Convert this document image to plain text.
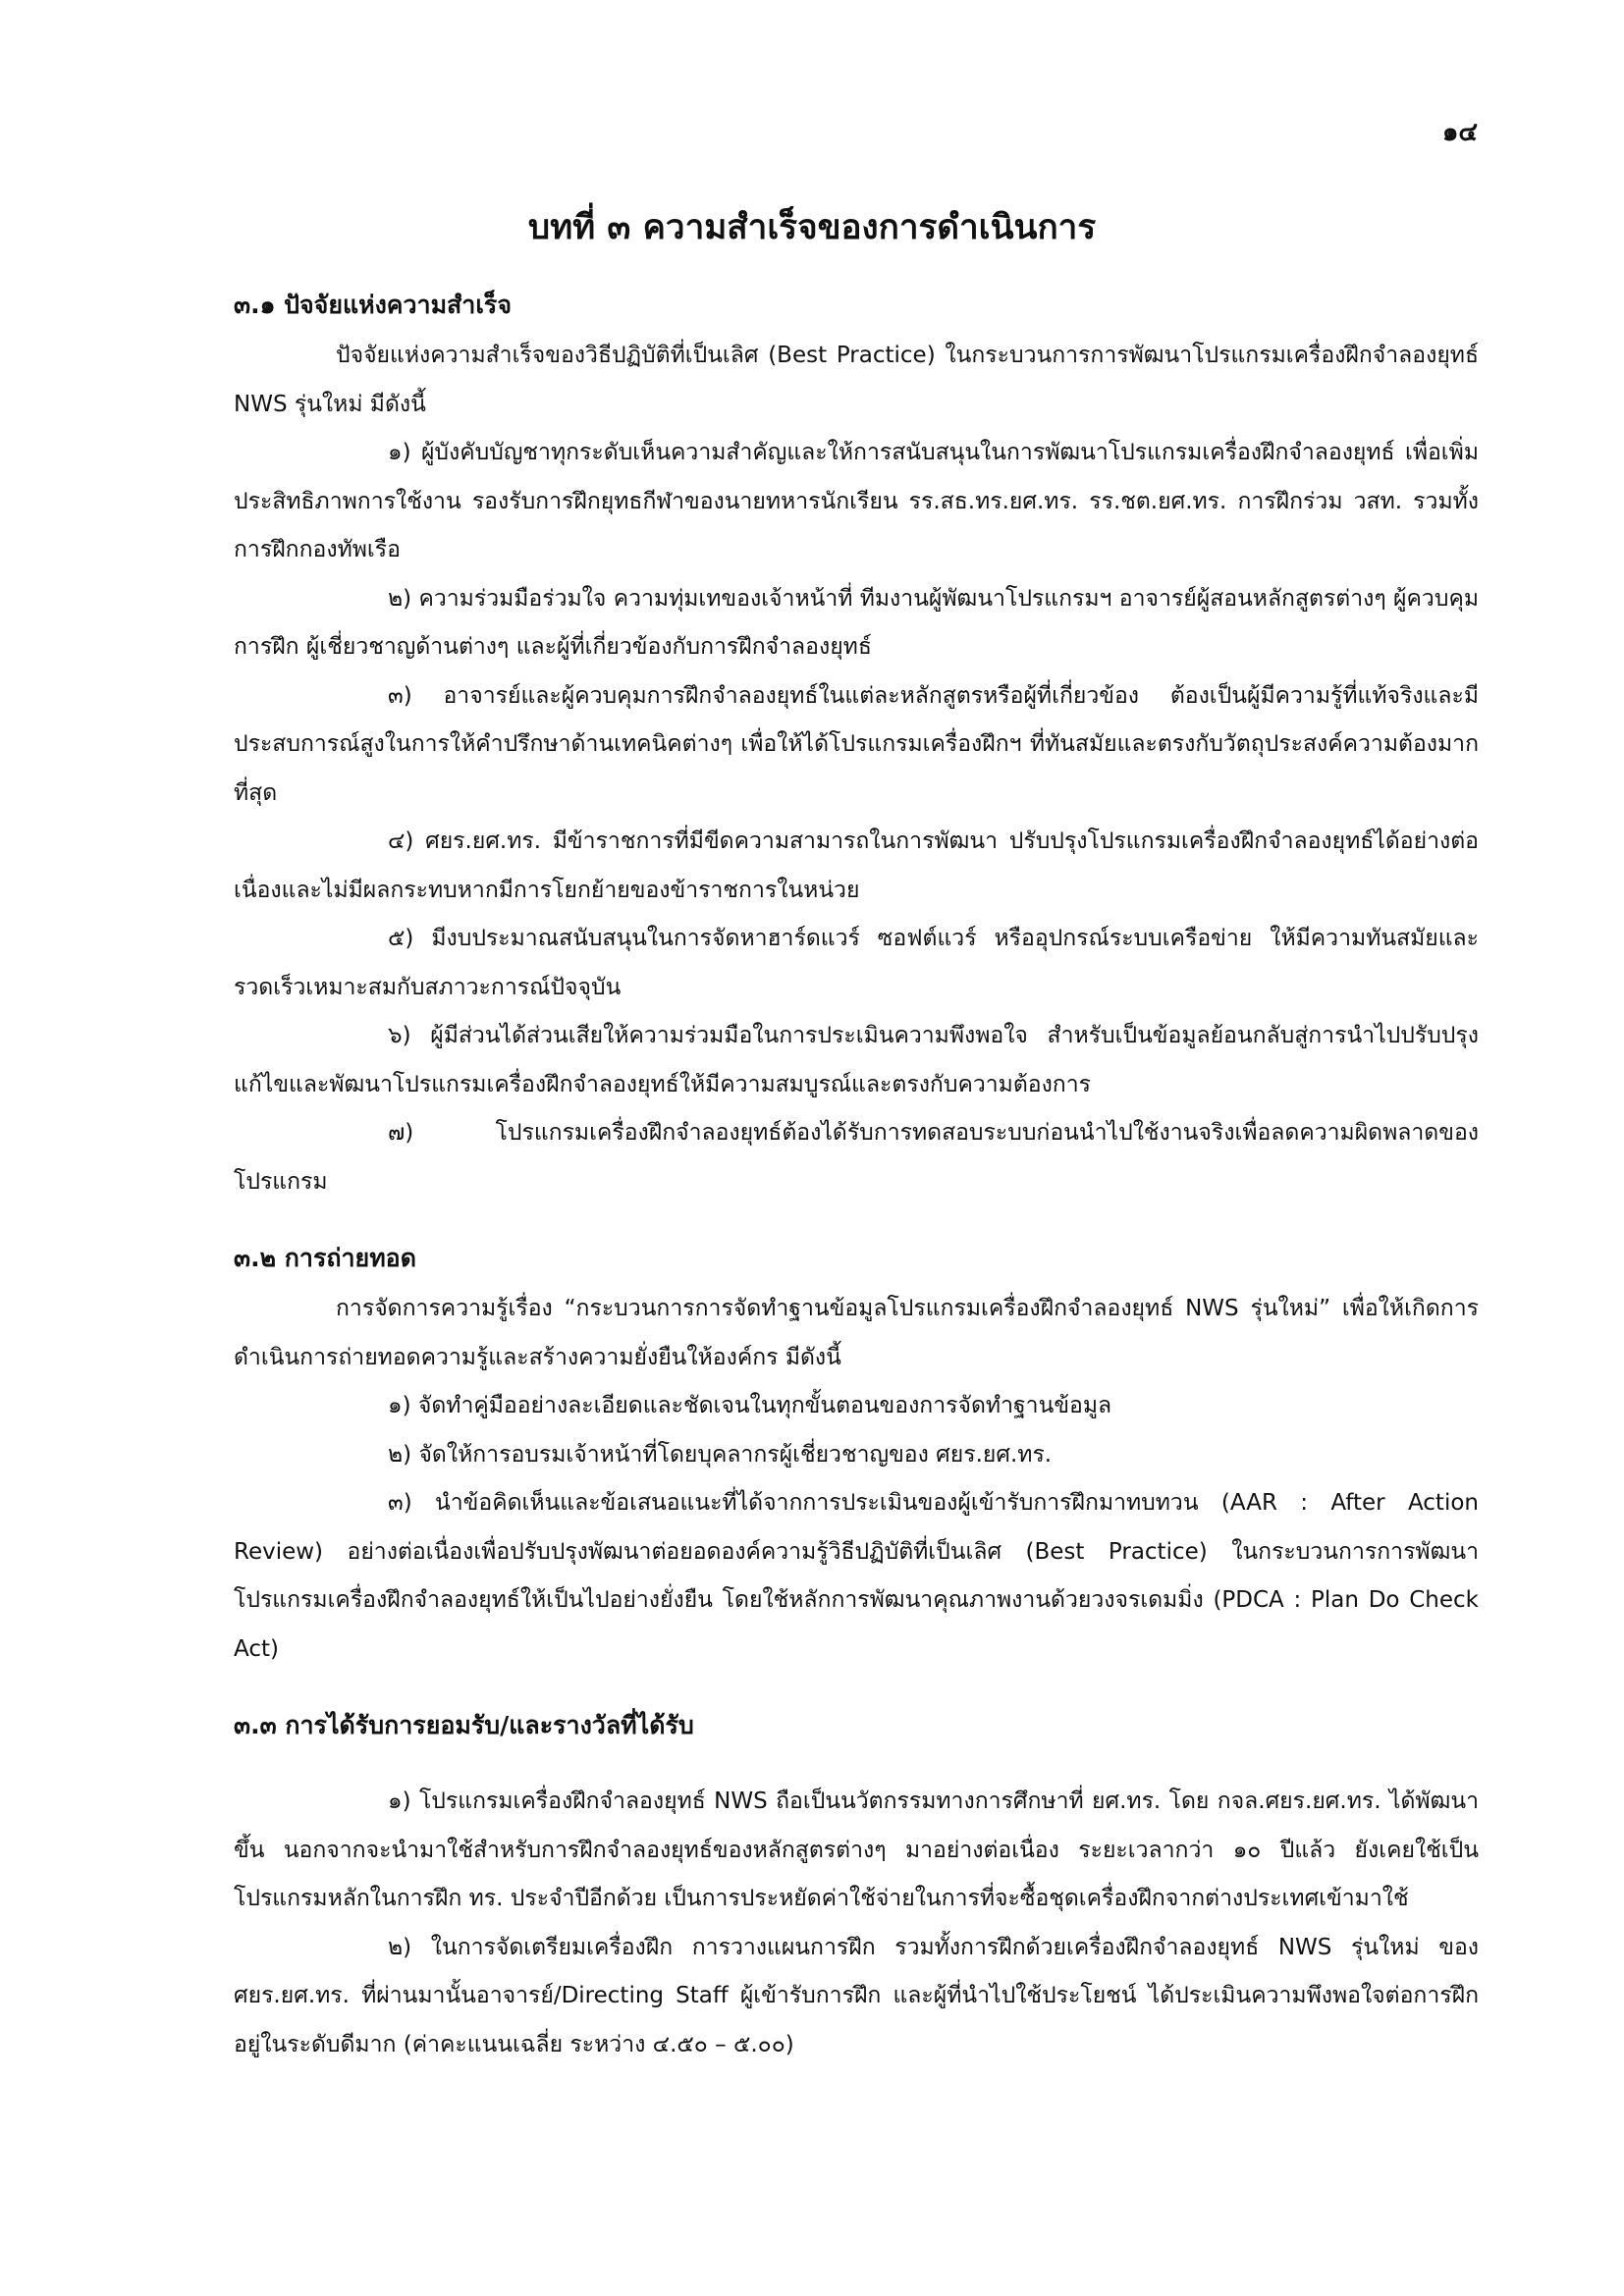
๑๔
บทที่ ๓ ความสำเร็จของการดำเนินการ
๓.๑ ปัจจัยแห่งความสำเร็จ
ปัจจัยแห่งความสำเร็จของวิธีปฏิบัติที่เป็นเลิศ (Best Practice) ในกระบวนการการพัฒนาโปรแกรมเครื่องฝึกจำลองยุทธ์ NWS รุ่นใหม่ มีดังนี้
๑) ผู้บังคับบัญชาทุกระดับเห็นความสำคัญและให้การสนับสนุนในการพัฒนาโปรแกรมเครื่องฝึกจำลองยุทธ์ เพื่อเพิ่มประสิทธิภาพการใช้งาน รองรับการฝึกยุทธกีฬาของนายทหารนักเรียน รร.สธ.ทร.ยศ.ทร. รร.ชต.ยศ.ทร. การฝึกร่วม วสท. รวมทั้งการฝึกกองทัพเรือ
๒) ความร่วมมือร่วมใจ ความทุ่มเทของเจ้าหน้าที่ ทีมงานผู้พัฒนาโปรแกรมฯ อาจารย์ผู้สอนหลักสูตรต่างๆ ผู้ควบคุมการฝึก ผู้เชี่ยวชาญด้านต่างๆ และผู้ที่เกี่ยวข้องกับการฝึกจำลองยุทธ์
๓) อาจารย์และผู้ควบคุมการฝึกจำลองยุทธ์ในแต่ละหลักสูตรหรือผู้ที่เกี่ยวข้อง ต้องเป็นผู้มีความรู้ที่แท้จริงและมีประสบการณ์สูงในการให้คำปรึกษาด้านเทคนิคต่างๆ เพื่อให้ได้โปรแกรมเครื่องฝึกฯ ที่ทันสมัยและตรงกับวัตถุประสงค์ความต้องมากที่สุด
๔) ศยร.ยศ.ทร. มีข้าราชการที่มีขีดความสามารถในการพัฒนา ปรับปรุงโปรแกรมเครื่องฝึกจำลองยุทธ์ได้อย่างต่อเนื่องและไม่มีผลกระทบหากมีการโยกย้ายของข้าราชการในหน่วย
๕) มีงบประมาณสนับสนุนในการจัดหาฮาร์ดแวร์ ซอฟต์แวร์ หรืออุปกรณ์ระบบเครือข่าย ให้มีความทันสมัยและรวดเร็วเหมาะสมกับสภาวะการณ์ปัจจุบัน
๖) ผู้มีส่วนได้ส่วนเสียให้ความร่วมมือในการประเมินความพึงพอใจ สำหรับเป็นข้อมูลย้อนกลับสู่การนำไปปรับปรุงแก้ไขและพัฒนาโปรแกรมเครื่องฝึกจำลองยุทธ์ให้มีความสมบูรณ์และตรงกับความต้องการ
๗) โปรแกรมเครื่องฝึกจำลองยุทธ์ต้องได้รับการทดสอบระบบก่อนนำไปใช้งานจริงเพื่อลดความผิดพลาดของโปรแกรม
๓.๒ การถ่ายทอด
การจัดการความรู้เรื่อง “กระบวนการการจัดทำฐานข้อมูลโปรแกรมเครื่องฝึกจำลองยุทธ์ NWS รุ่นใหม่” เพื่อให้เกิดการดำเนินการถ่ายทอดความรู้และสร้างความยั่งยืนให้องค์กร มีดังนี้
๑) จัดทำคู่มืออย่างละเอียดและชัดเจนในทุกขั้นตอนของการจัดทำฐานข้อมูล
๒) จัดให้การอบรมเจ้าหน้าที่โดยบุคลากรผู้เชี่ยวชาญของ ศยร.ยศ.ทร.
๓) นำข้อคิดเห็นและข้อเสนอแนะที่ได้จากการประเมินของผู้เข้ารับการฝึกมาทบทวน (AAR : After Action Review) อย่างต่อเนื่องเพื่อปรับปรุงพัฒนาต่อยอดองค์ความรู้วิธีปฏิบัติที่เป็นเลิศ (Best Practice) ในกระบวนการการพัฒนาโปรแกรมเครื่องฝึกจำลองยุทธ์ให้เป็นไปอย่างยั่งยืน โดยใช้หลักการพัฒนาคุณภาพงานด้วยวงจรเดมมิ่ง (PDCA : Plan Do Check Act)
๓.๓ การได้รับการยอมรับ/และรางวัลที่ได้รับ
๑) โปรแกรมเครื่องฝึกจำลองยุทธ์ NWS ถือเป็นนวัตกรรมทางการศึกษาที่ ยศ.ทร. โดย กจล.ศยร.ยศ.ทร. ได้พัฒนาขึ้น นอกจากจะนำมาใช้สำหรับการฝึกจำลองยุทธ์ของหลักสูตรต่างๆ มาอย่างต่อเนื่อง ระยะเวลากว่า ๑๐ ปีแล้ว ยังเคยใช้เป็นโปรแกรมหลักในการฝึก ทร. ประจำปีอีกด้วย เป็นการประหยัดค่าใช้จ่ายในการที่จะซื้อชุดเครื่องฝึกจากต่างประเทศเข้ามาใช้
๒) ในการจัดเตรียมเครื่องฝึก การวางแผนการฝึก รวมทั้งการฝึกด้วยเครื่องฝึกจำลองยุทธ์ NWS รุ่นใหม่ ของ ศยร.ยศ.ทร. ที่ผ่านมานั้นอาจารย์/Directing Staff ผู้เข้ารับการฝึก และผู้ที่นำไปใช้ประโยชน์ ได้ประเมินความพึงพอใจต่อการฝึกอยู่ในระดับดีมาก (ค่าคะแนนเฉลี่ย ระหว่าง ๔.๕๐ – ๕.๐๐)
